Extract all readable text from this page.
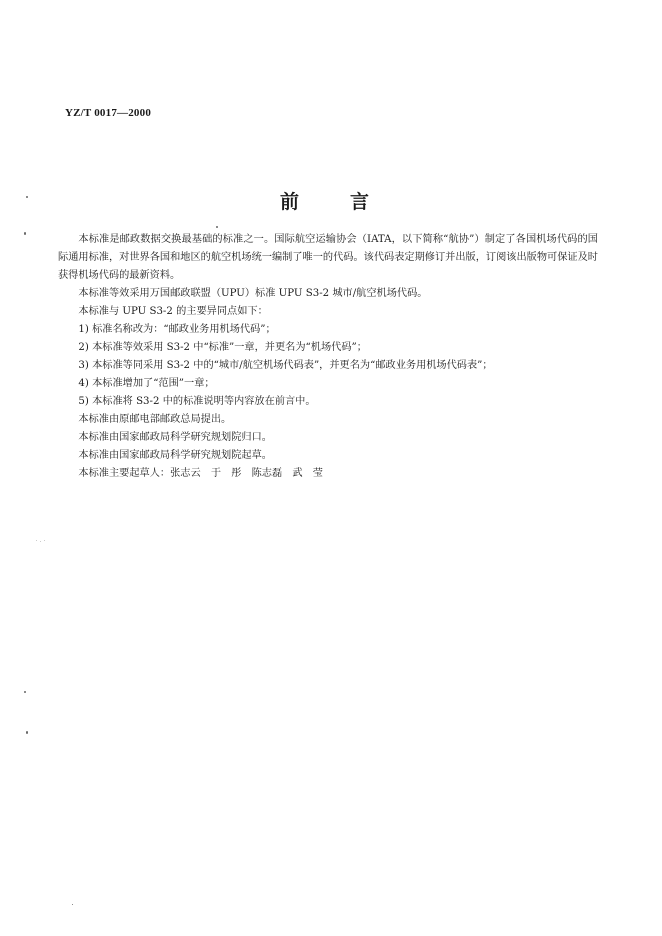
YZ/T 0017—2000
前	言

本标准是邮政数据交换最基础的标准之一。国际航空运输协会（IATA，以下简称“航协”）制定了各国机场代码的国际通用标准，对世界各国和地区的航空机场统一编制了唯一的代码。该代码表定期修订并出版，订阅该出版物可保证及时获得机场代码的最新资料。

本标准等效采用万国邮政联盟（UPU）标准 UPU S3-2 城市/航空机场代码。

本标准与 UPU S3-2 的主要异同点如下：

1) 标准名称改为：“邮政业务用机场代码”；

2) 本标准等效采用 S3-2 中“标准”一章，并更名为“机场代码”；

3) 本标准等同采用 S3-2 中的“城市/航空机场代码表”，并更名为“邮政业务用机场代码表”；

4) 本标准增加了“范围”一章；

5) 本标准将 S3-2 中的标准说明等内容放在前言中。

本标准由原邮电部邮政总局提出。

本标准由国家邮政局科学研究规划院归口。

本标准由国家邮政局科学研究规划院起草。

本标准主要起草人：张志云　于　彤　陈志磊　武　莹
